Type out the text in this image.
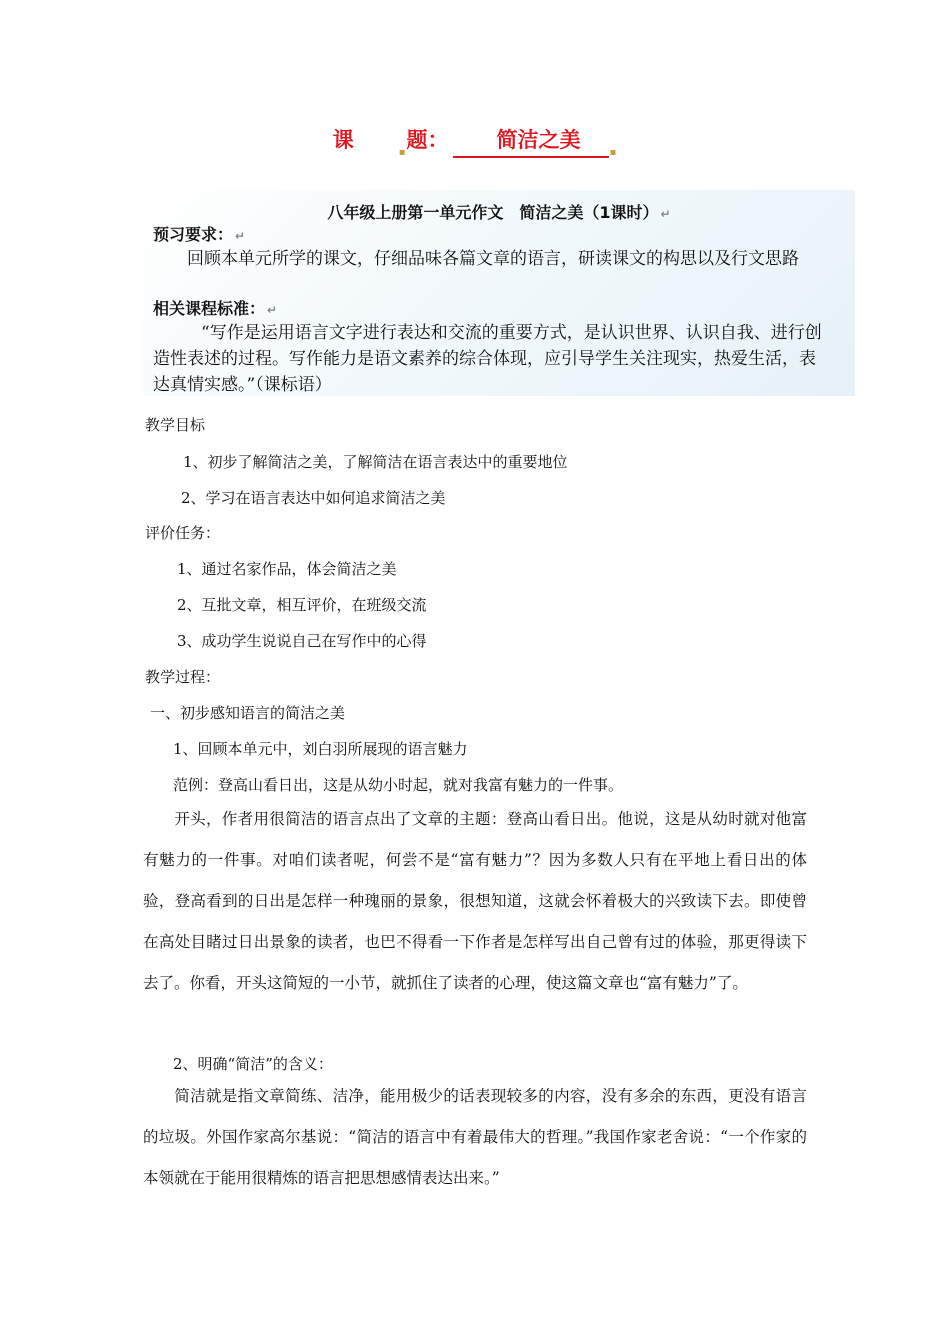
课▪题： 简洁之美▪
八年级上册第一单元作文　简洁之美（1课时） ↵
预习要求： ↵
回顾本单元所学的课文，仔细品味各篇文章的语言，研读课文的构思以及行文思路
相关课程标准： ↵
“写作是运用语言文字进行表达和交流的重要方式，是认识世界、认识自我、进行创造性表述的过程。写作能力是语文素养的综合体现，应引导学生关注现实，热爱生活，表达真情实感。”（课标语）
教学目标
1、初步了解简洁之美，了解简洁在语言表达中的重要地位
2、学习在语言表达中如何追求简洁之美
评价任务：
1、通过名家作品，体会简洁之美
2、互批文章，相互评价，在班级交流
3、成功学生说说自己在写作中的心得
教学过程：
一、初步感知语言的简洁之美
1、回顾本单元中，刘白羽所展现的语言魅力
范例：登高山看日出，这是从幼小时起，就对我富有魅力的一件事。
开头，作者用很简洁的语言点出了文章的主题：登高山看日出。他说，这是从幼时就对他富有魅力的一件事。对咱们读者呢，何尝不是“富有魅力”？因为多数人只有在平地上看日出的体验，登高看到的日出是怎样一种瑰丽的景象，很想知道，这就会怀着极大的兴致读下去。即使曾在高处目睹过日出景象的读者，也巴不得看一下作者是怎样写出自己曾有过的体验，那更得读下去了。你看，开头这简短的一小节，就抓住了读者的心理，使这篇文章也“富有魅力”了。
2、明确“简洁”的含义：
简洁就是指文章简练、洁净，能用极少的话表现较多的内容，没有多余的东西，更没有语言的垃圾。外国作家高尔基说：“简洁的语言中有着最伟大的哲理。”我国作家老舍说：“一个作家的本领就在于能用很精炼的语言把思想感情表达出来。”
